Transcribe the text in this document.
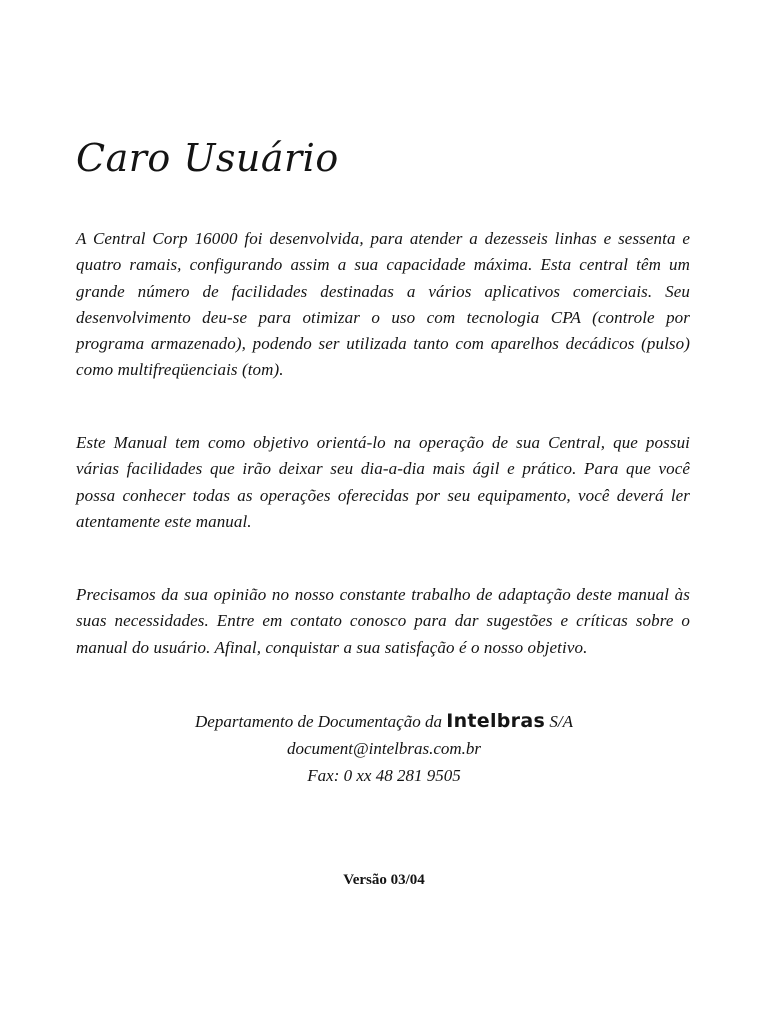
Caro Usuário

A Central Corp 16000 foi desenvolvida, para atender a dezesseis linhas e sessenta e quatro ramais, configurando assim a sua capacidade máxima. Esta central têm um grande número de facilidades destinadas a vários aplicativos comerciais. Seu desenvolvimento deu-se para otimizar o uso com tecnologia CPA (controle por programa armazenado), podendo ser utilizada tanto com aparelhos decádicos (pulso) como multifreqüenciais (tom).

Este Manual tem como objetivo orientá-lo na operação de sua Central, que possui várias facilidades que irão deixar seu dia-a-dia mais ágil e prático. Para que você possa conhecer todas as operações oferecidas por seu equipamento, você deverá ler atentamente este manual.

Precisamos da sua opinião no nosso constante trabalho de adaptação deste manual às suas necessidades. Entre em contato conosco para dar sugestões e críticas sobre o manual do usuário. Afinal, conquistar a sua satisfação é o nosso objetivo.

Departamento de Documentação da Intelbras S/A
document@intelbras.com.br
Fax: 0 xx 48 281 9505
Versão 03/04
